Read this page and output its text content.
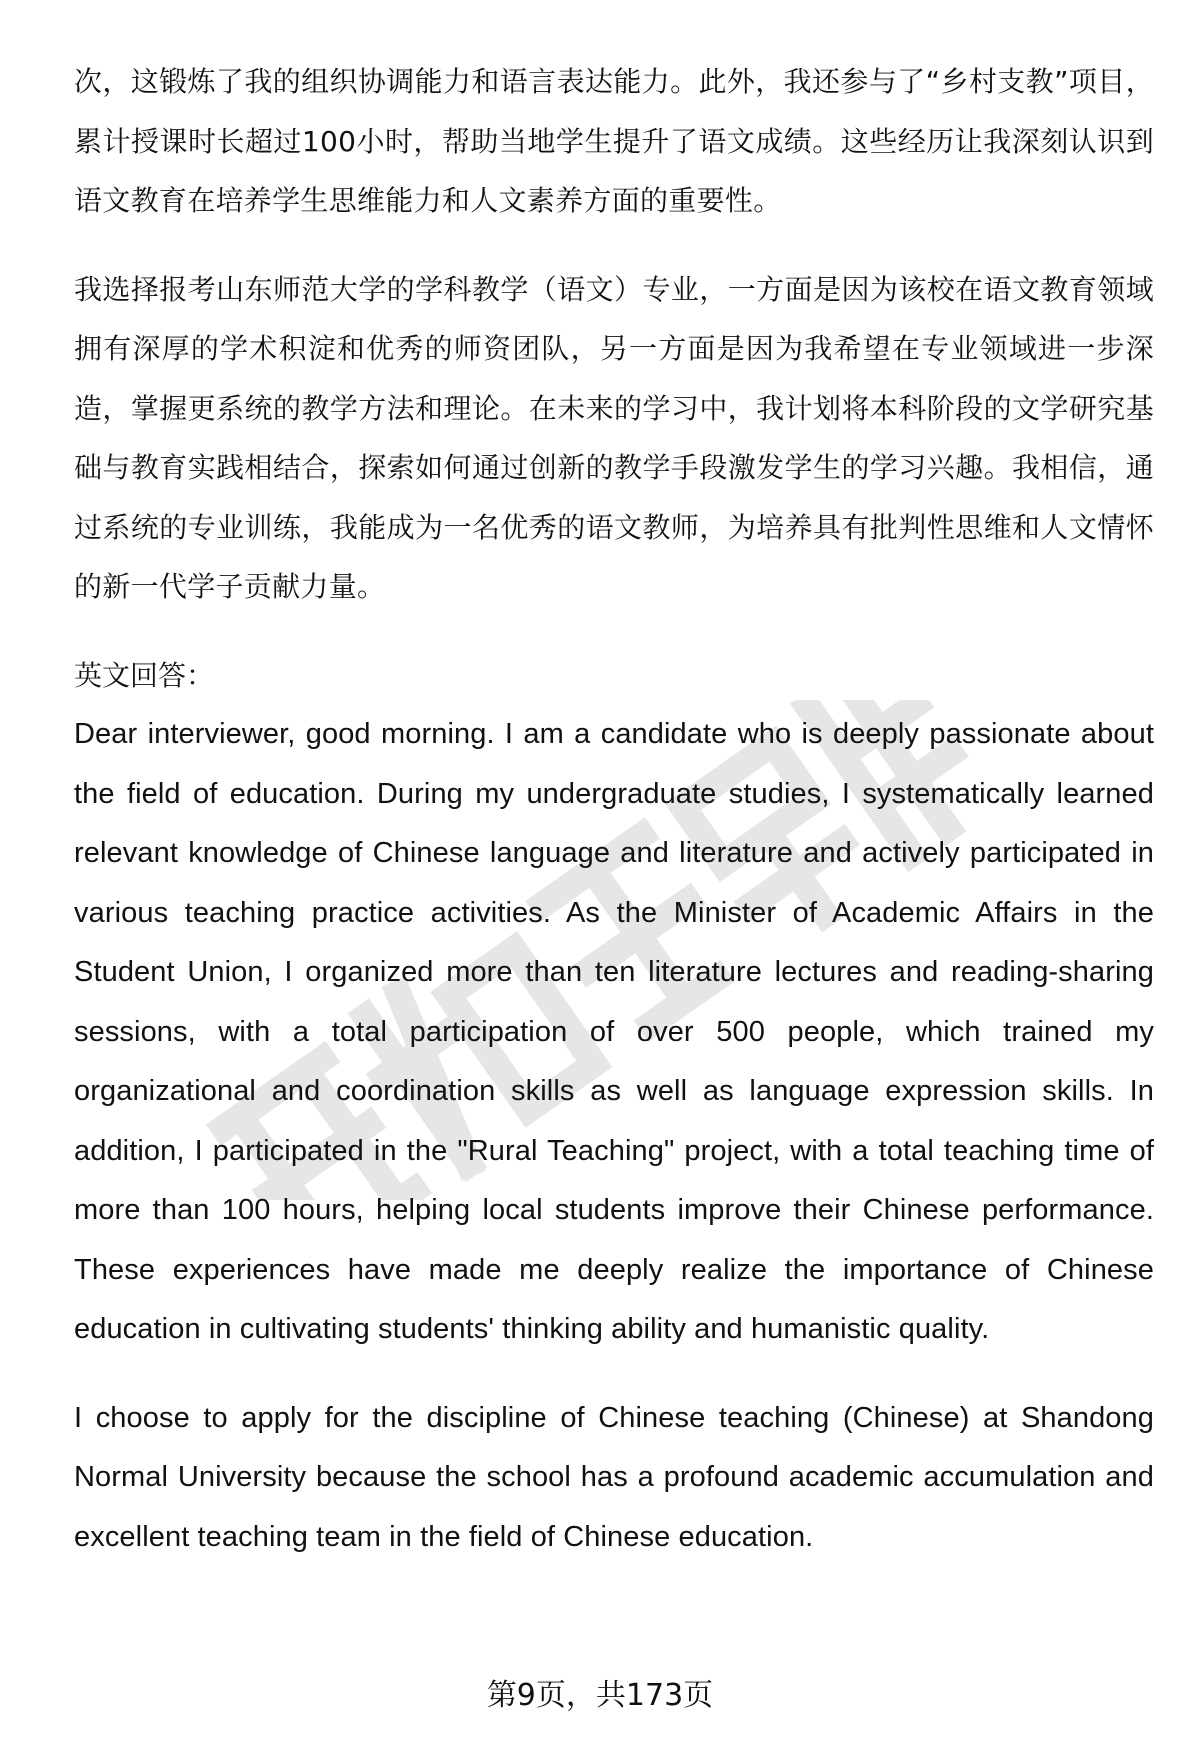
次，这锻炼了我的组织协调能力和语言表达能力。此外，我还参与了“乡村支教”项目，累计授课时长超过100小时，帮助当地学生提升了语文成绩。这些经历让我深刻认识到语文教育在培养学生思维能力和人文素养方面的重要性。

我选择报考山东师范大学的学科教学（语文）专业，一方面是因为该校在语文教育领域拥有深厚的学术积淀和优秀的师资团队，另一方面是因为我希望在专业领域进一步深造，掌握更系统的教学方法和理论。在未来的学习中，我计划将本科阶段的文学研究基础与教育实践相结合，探索如何通过创新的教学手段激发学生的学习兴趣。我相信，通过系统的专业训练，我能成为一名优秀的语文教师，为培养具有批判性思维和人文情怀的新一代学子贡献力量。

英文回答：

Dear interviewer, good morning. I am a candidate who is deeply passionate about the field of education. During my undergraduate studies, I systematically learned relevant knowledge of Chinese language and literature and actively participated in various teaching practice activities. As the Minister of Academic Affairs in the Student Union, I organized more than ten literature lectures and reading-sharing sessions, with a total participation of over 500 people, which trained my organizational and coordination skills as well as language expression skills. In addition, I participated in the "Rural Teaching" project, with a total teaching time of more than 100 hours, helping local students improve their Chinese performance. These experiences have made me deeply realize the importance of Chinese education in cultivating students' thinking ability and humanistic quality.

I choose to apply for the discipline of Chinese teaching (Chinese) at Shandong Normal University because the school has a profound academic accumulation and excellent teaching team in the field of Chinese education.

第9页，共173页
